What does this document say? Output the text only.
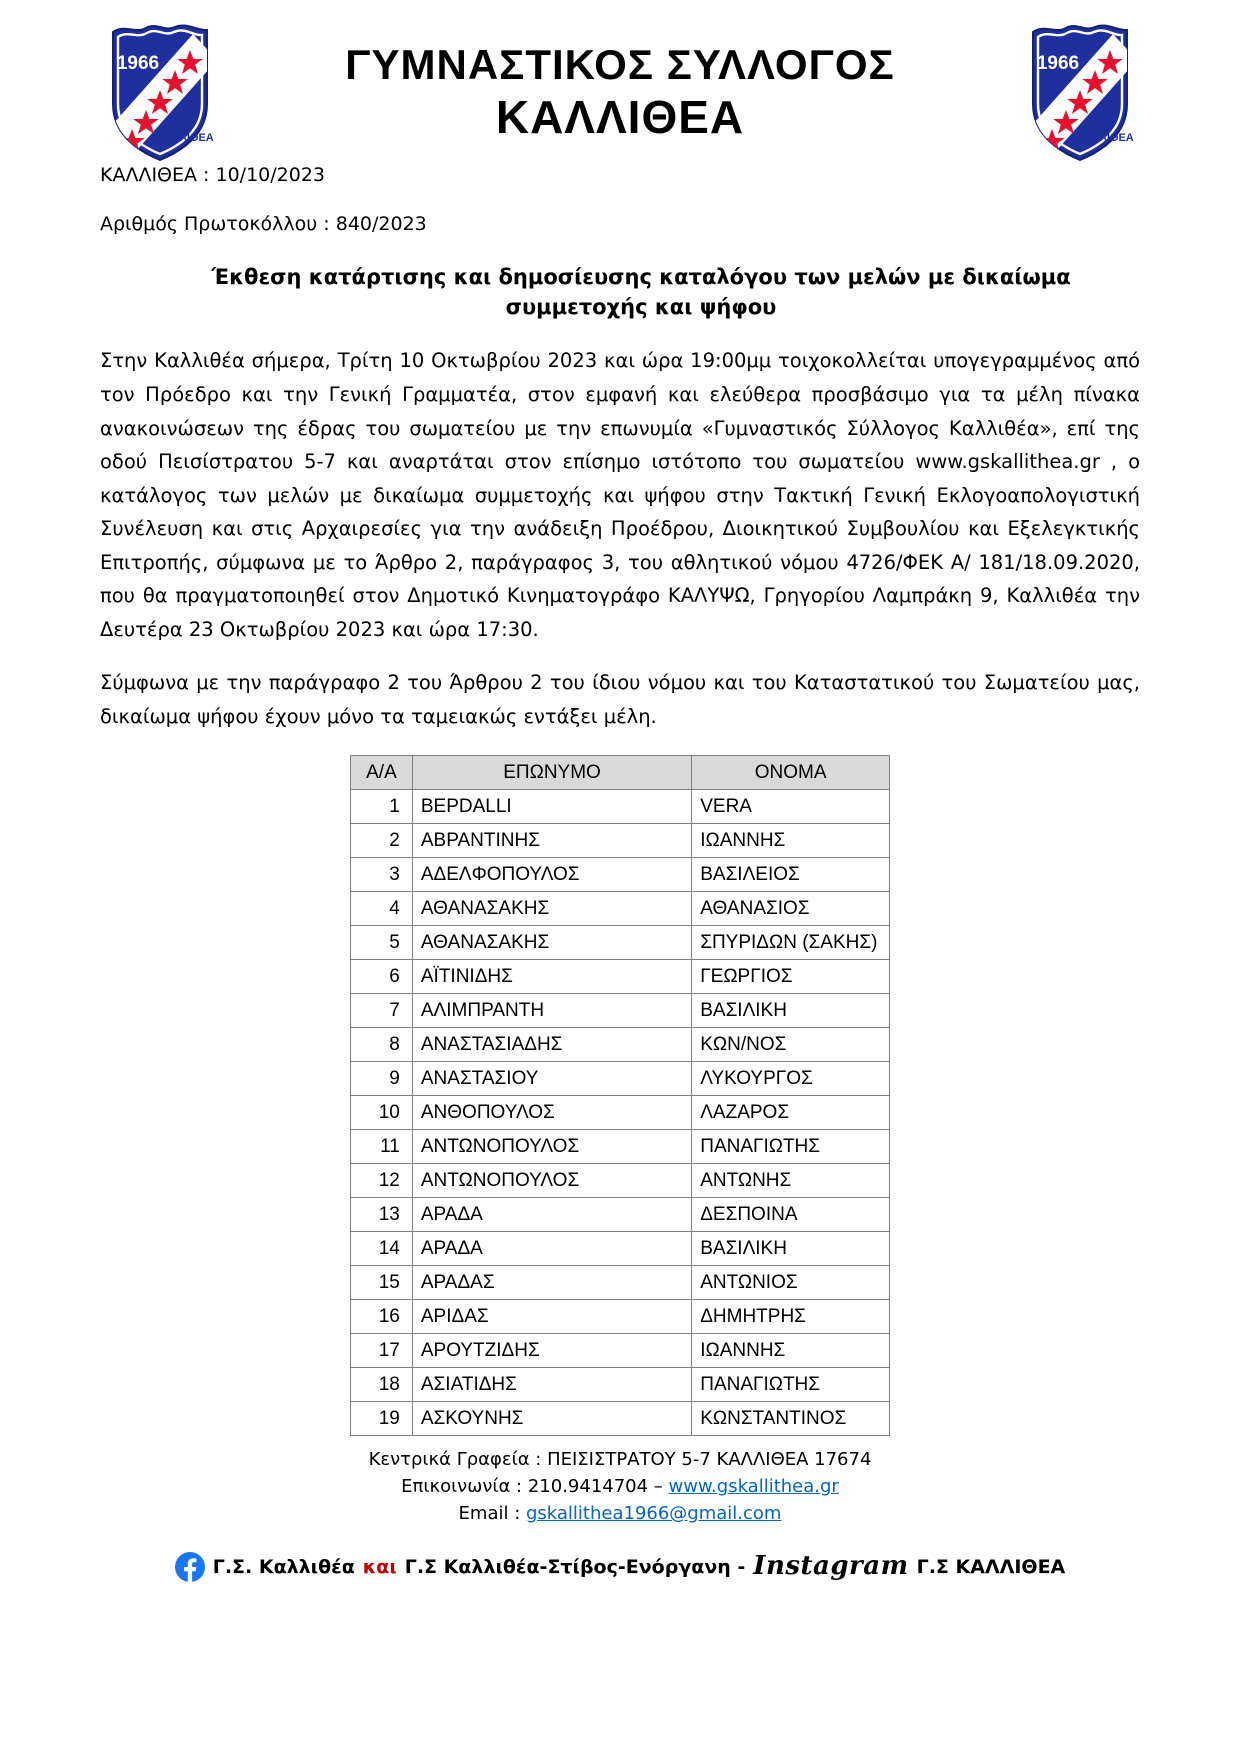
1966
Γ.Σ
ΚΑΛΛΙΘΕΑ
ΓΥΜΝΑΣΤΙΚΟΣ ΣΥΛΛΟΓΟΣ
ΚΑΛΛΙΘΕΑ
1966
Γ.Σ
ΚΑΛΛΙΘΕΑ
ΚΑΛΛΙΘΕΑ : 10/10/2023
Αριθμός Πρωτοκόλλου : 840/2023
Έκθεση κατάρτισης και δημοσίευσης καταλόγου των μελών με δικαίωμα συμμετοχής και ψήφου
Στην Καλλιθέα σήμερα, Τρίτη 10 Οκτωβρίου 2023 και ώρα 19:00μμ τοιχοκολλείται υπογεγραμμένος από τον Πρόεδρο και την Γενική Γραμματέα, στον εμφανή και ελεύθερα προσβάσιμο για τα μέλη πίνακα ανακοινώσεων της έδρας του σωματείου με την επωνυμία «Γυμναστικός Σύλλογος Καλλιθέα», επί της οδού Πεισίστρατου 5-7 και αναρτάται στον επίσημο ιστότοπο του σωματείου www.gskallithea.gr , ο κατάλογος των μελών με δικαίωμα συμμετοχής και ψήφου στην Τακτική Γενική Εκλογοαπολογιστική Συνέλευση και στις Αρχαιρεσίες για την ανάδειξη Προέδρου, Διοικητικού Συμβουλίου και Εξελεγκτικής Επιτροπής, σύμφωνα με το Άρθρο 2, παράγραφος 3, του αθλητικού νόμου 4726/ΦΕΚ Α/ 181/18.09.2020, που θα πραγματοποιηθεί στον Δημοτικό Κινηματογράφο ΚΑΛΥΨΩ, Γρηγορίου Λαμπράκη 9, Καλλιθέα την Δευτέρα 23 Οκτωβρίου 2023 και ώρα 17:30.
Σύμφωνα με την παράγραφο 2 του Άρθρου 2 του ίδιου νόμου και του Καταστατικού του Σωματείου μας, δικαίωμα ψήφου έχουν μόνο τα ταμειακώς εντάξει μέλη.
Α/Α	ΕΠΩΝΥΜΟ	ΟΝΟΜΑ
1	BEPDALLI	VERA
2	ΑΒΡΑΝΤΙΝΗΣ	ΙΩΑΝΝΗΣ
3	ΑΔΕΛΦΟΠΟΥΛΟΣ	ΒΑΣΙΛΕΙΟΣ
4	ΑΘΑΝΑΣΑΚΗΣ	ΑΘΑΝΑΣΙΟΣ
5	ΑΘΑΝΑΣΑΚΗΣ	ΣΠΥΡΙΔΩΝ (ΣΑΚΗΣ)
6	ΑΪΤΙΝΙΔΗΣ	ΓΕΩΡΓΙΟΣ
7	ΑΛΙΜΠΡΑΝΤΗ	ΒΑΣΙΛΙΚΗ
8	ΑΝΑΣΤΑΣΙΑΔΗΣ	ΚΩΝ/ΝΟΣ
9	ΑΝΑΣΤΑΣΙΟΥ	ΛΥΚΟΥΡΓΟΣ
10	ΑΝΘΟΠΟΥΛΟΣ	ΛΑΖΑΡΟΣ
11	ΑΝΤΩΝΟΠΟΥΛΟΣ	ΠΑΝΑΓΙΩΤΗΣ
12	ΑΝΤΩΝΟΠΟΥΛΟΣ	ΑΝΤΩΝΗΣ
13	ΑΡΑΔΑ	ΔΕΣΠΟΙΝΑ
14	ΑΡΑΔΑ	ΒΑΣΙΛΙΚΗ
15	ΑΡΑΔΑΣ	ΑΝΤΩΝΙΟΣ
16	ΑΡΙΔΑΣ	ΔΗΜΗΤΡΗΣ
17	ΑΡΟΥΤΖΙΔΗΣ	ΙΩΑΝΝΗΣ
18	ΑΣΙΑΤΙΔΗΣ	ΠΑΝΑΓΙΩΤΗΣ
19	ΑΣΚΟΥΝΗΣ	ΚΩΝΣΤΑΝΤΙΝΟΣ
Κεντρικά Γραφεία : ΠΕΙΣΙΣΤΡΑΤΟΥ 5-7 ΚΑΛΛΙΘΕΑ 17674
Επικοινωνία : 210.9414704 – www.gskallithea.gr
Email : gskallithea1966@gmail.com
Γ.Σ. Καλλιθέα και Γ.Σ Καλλιθέα-Στίβος-Ενόργανη - Instagram Γ.Σ ΚΑΛΛΙΘΕΑ
